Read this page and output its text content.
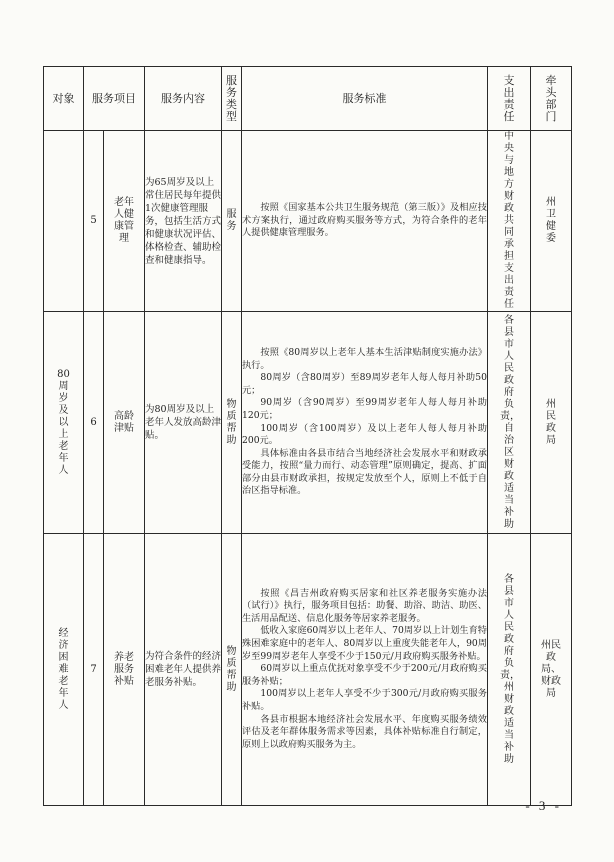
对象	服务项目		服务内容	服务类型	服务标准	支出责任	牵头部门
	5	老年人健康管理	为65周岁及以上常住居民每年提供1次健康管理服务，包括生活方式和健康状况评估、体格检查、辅助检查和健康指导。	服务	按照《国家基本公共卫生服务规范（第三版）》及相应技术方案执行，通过政府购买服务等方式，为符合条件的老年人提供健康管理服务。	中央与地方财政共同承担支出责任	州卫健委
80周岁及以上老年人	6	高龄津贴	为80周岁及以上老年人发放高龄津贴。	物质帮助	按照《80周岁以上老年人基本生活津贴制度实施办法》执行。

80周岁（含80周岁）至89周岁老年人每人每月补助50元；

90周岁（含90周岁）至99周岁老年人每人每月补助120元；

100周岁（含100周岁）及以上老年人每人每月补助200元。

具体标准由各县市结合当地经济社会发展水平和财政承受能力，按照“量力而行、动态管理”原则确定，提高、扩面部分由县市财政承担，按规定发放至个人，原则上不低于自治区指导标准。	各县市人民政府负责，自治区财政适当补助	州民政局
经济困难老年人	7	养老服务补贴	为符合条件的经济困难老年人提供养老服务补贴。	物质帮助	按照《昌吉州政府购买居家和社区养老服务实施办法（试行）》执行，服务项目包括：助餐、助浴、助洁、助医、生活用品配送、信息化服务等居家养老服务。

低收入家庭60周岁以上老年人、70周岁以上计划生育特殊困难家庭中的老年人、80周岁以上重度失能老年人，90周岁至99周岁老年人享受不少于150元/月政府购买服务补贴。

60周岁以上重点优抚对象享受不少于200元/月政府购买服务补贴；

100周岁以上老年人享受不少于300元/月政府购买服务补贴。

各县市根据本地经济社会发展水平、年度购买服务绩效评估及老年群体服务需求等因素，具体补贴标准自行制定，原则上以政府购买服务为主。	各县市人民政府负责，州财政适当补助	州民政局、财政局
- 3 -
